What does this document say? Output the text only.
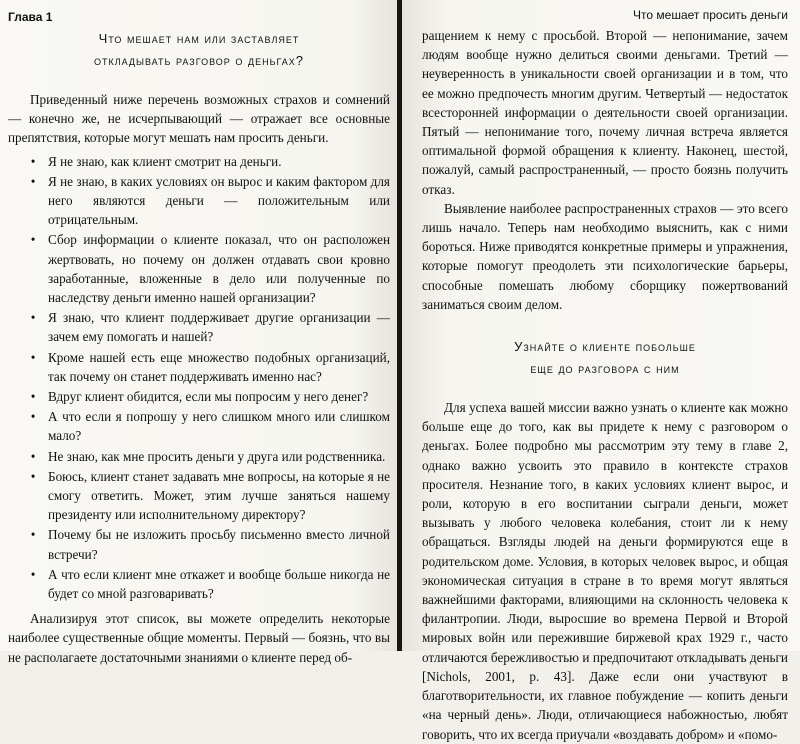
Глава 1
Что мешает нам или заставляет
откладывать разговор о деньгах?

Приведенный ниже перечень возможных страхов и сомнений — конечно же, не исчерпывающий — отражает все основные препятствия, которые могут мешать нам просить деньги.

• Я не знаю, как клиент смотрит на деньги.
• Я не знаю, в каких условиях он вырос и каким фактором для него являются деньги — положительным или отрицательным.
• Сбор информации о клиенте показал, что он расположен жертвовать, но почему он должен отдавать свои кровно заработанные, вложенные в дело или полученные по наследству деньги именно нашей организации?
• Я знаю, что клиент поддерживает другие организации — зачем ему помогать и нашей?
• Кроме нашей есть еще множество подобных организаций, так почему он станет поддерживать именно нас?
• Вдруг клиент обидится, если мы попросим у него денег?
• А что если я попрошу у него слишком много или слишком мало?
• Не знаю, как мне просить деньги у друга или родственника.
• Боюсь, клиент станет задавать мне вопросы, на которые я не смогу ответить. Может, этим лучше заняться нашему президенту или исполнительному директору?
• Почему бы не изложить просьбу письменно вместо личной встречи?
• А что если клиент мне откажет и вообще больше никогда не будет со мной разговаривать?

Анализируя этот список, вы можете определить некоторые наиболее существенные общие моменты. Первый — боязнь, что вы не располагаете достаточными знаниями о клиенте перед об-

Что мешает просить деньги

ращением к нему с просьбой. Второй — непонимание, зачем людям вообще нужно делиться своими деньгами. Третий — неуверенность в уникальности своей организации и в том, что ее можно предпочесть многим другим. Четвертый — недостаток всесторонней информации о деятельности своей организации. Пятый — непонимание того, почему личная встреча является оптимальной формой обращения к клиенту. Наконец, шестой, пожалуй, самый распространенный, — просто боязнь получить отказ.

Выявление наиболее распространенных страхов — это всего лишь начало. Теперь нам необходимо выяснить, как с ними бороться. Ниже приводятся конкретные примеры и упражнения, которые помогут преодолеть эти психологические барьеры, способные помешать любому сборщику пожертвований заниматься своим делом.

Узнайте о клиенте побольше
еще до разговора с ним

Для успеха вашей миссии важно узнать о клиенте как можно больше еще до того, как вы придете к нему с разговором о деньгах. Более подробно мы рассмотрим эту тему в главе 2, однако важно усвоить это правило в контексте страхов просителя. Незнание того, в каких условиях клиент вырос, и роли, которую в его воспитании сыграли деньги, может вызывать у любого человека колебания, стоит ли к нему обращаться. Взгляды людей на деньги формируются еще в родительском доме. Условия, в которых человек вырос, и общая экономическая ситуация в стране в то время могут являться важнейшими факторами, влияющими на склонность человека к филантропии. Люди, выросшие во времена Первой и Второй мировых войн или пережившие биржевой крах 1929 г., часто отличаются бережливостью и предпочитают откладывать деньги [Nichols, 2001, p. 43]. Даже если они участвуют в благотворительности, их главное побуждение — копить деньги «на черный день». Люди, отличающиеся набожностью, любят говорить, что их всегда приучали «воздавать добром» и «помо-
